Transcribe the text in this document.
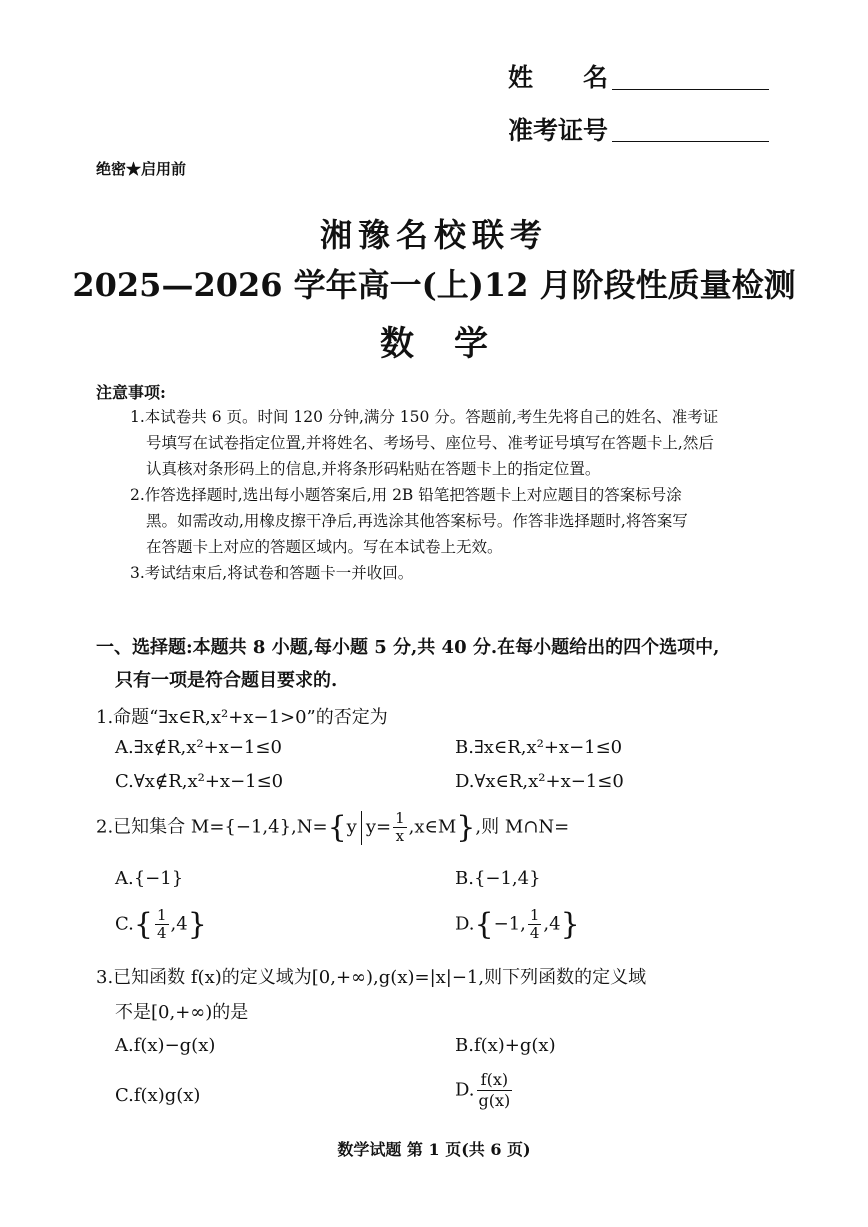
姓　　名
准考证号
绝密★启用前
湘豫名校联考
2025—2026 学年高一(上)12 月阶段性质量检测
数学
注意事项:
1.本试卷共 6 页。时间 120 分钟,满分 150 分。答题前,考生先将自己的姓名、准考证
号填写在试卷指定位置,并将姓名、考场号、座位号、准考证号填写在答题卡上,然后
认真核对条形码上的信息,并将条形码粘贴在答题卡上的指定位置。
2.作答选择题时,选出每小题答案后,用 2B 铅笔把答题卡上对应题目的答案标号涂
黑。如需改动,用橡皮擦干净后,再选涂其他答案标号。作答非选择题时,将答案写
在答题卡上对应的答题区域内。写在本试卷上无效。
3.考试结束后,将试卷和答题卡一并收回。
一、选择题:本题共 8 小题,每小题 5 分,共 40 分.在每小题给出的四个选项中,
只有一项是符合题目要求的.
1.命题“∃x∈R,x²+x−1>0”的否定为
A.∃x∉R,x²+x−1≤0	B.∃x∈R,x²+x−1≤0
C.∀x∉R,x²+x−1≤0	D.∀x∈R,x²+x−1≤0
2.已知集合 M={−1,4},N={y $y= \frac{1}{x}$ ,x∈M},则 M∩N=
A.{−1}	B.{−1,4}
$C.\{ \frac{1}{4} ,4\}$	D.{−1, $\frac{1}{4} ,4$}
3.已知函数 f(x)的定义域为[0,+∞),g(x)=|x|−1,则下列函数的定义域
不是[0,+∞)的是
A.f(x)−g(x)	B.f(x)+g(x)
C.f(x)g(x)	D. $\frac{f(x)}{g(x)}$
数学试题 第 1 页(共 6 页)
